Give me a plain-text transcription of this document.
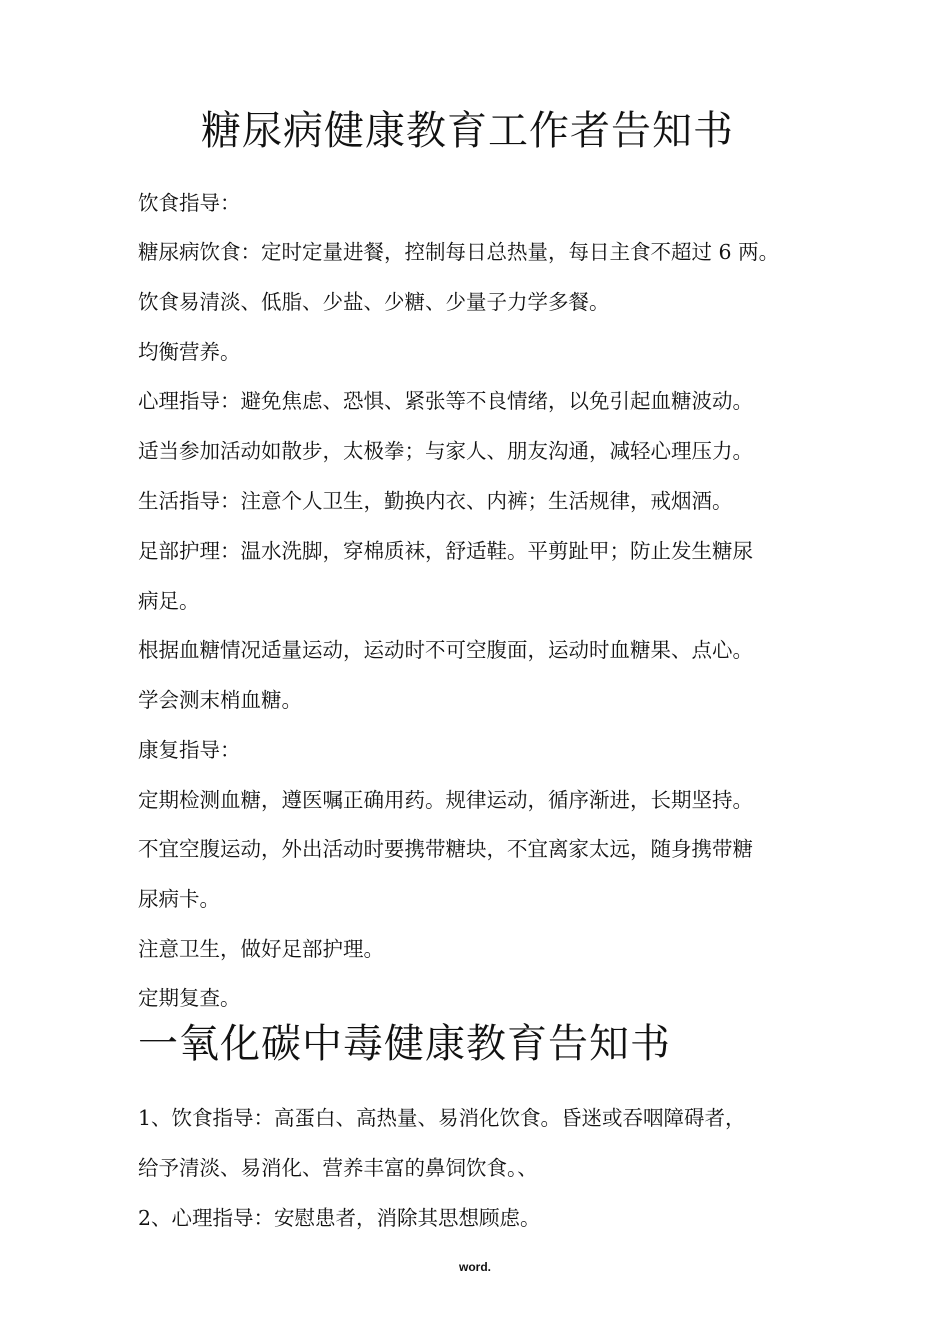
糖尿病健康教育工作者告知书

饮食指导：

糖尿病饮食：定时定量进餐，控制每日总热量，每日主食不超过 6 两。

饮食易清淡、低脂、少盐、少糖、少量子力学多餐。

均衡营养。

心理指导：避免焦虑、恐惧、紧张等不良情绪，以免引起血糖波动。

适当参加活动如散步，太极拳；与家人、朋友沟通，减轻心理压力。

生活指导：注意个人卫生，勤换内衣、内裤；生活规律，戒烟酒。

足部护理：温水洗脚，穿棉质袜，舒适鞋。平剪趾甲；防止发生糖尿

病足。

根据血糖情况适量运动，运动时不可空腹面，运动时血糖果、点心。

学会测末梢血糖。

康复指导：

定期检测血糖，遵医嘱正确用药。规律运动，循序渐进，长期坚持。

不宜空腹运动，外出活动时要携带糖块，不宜离家太远，随身携带糖

尿病卡。

注意卫生，做好足部护理。

定期复查。

一氧化碳中毒健康教育告知书

1、饮食指导：高蛋白、高热量、易消化饮食。昏迷或吞咽障碍者，

给予清淡、易消化、营养丰富的鼻饲饮食。、

2、心理指导：安慰患者，消除其思想顾虑。

word.
